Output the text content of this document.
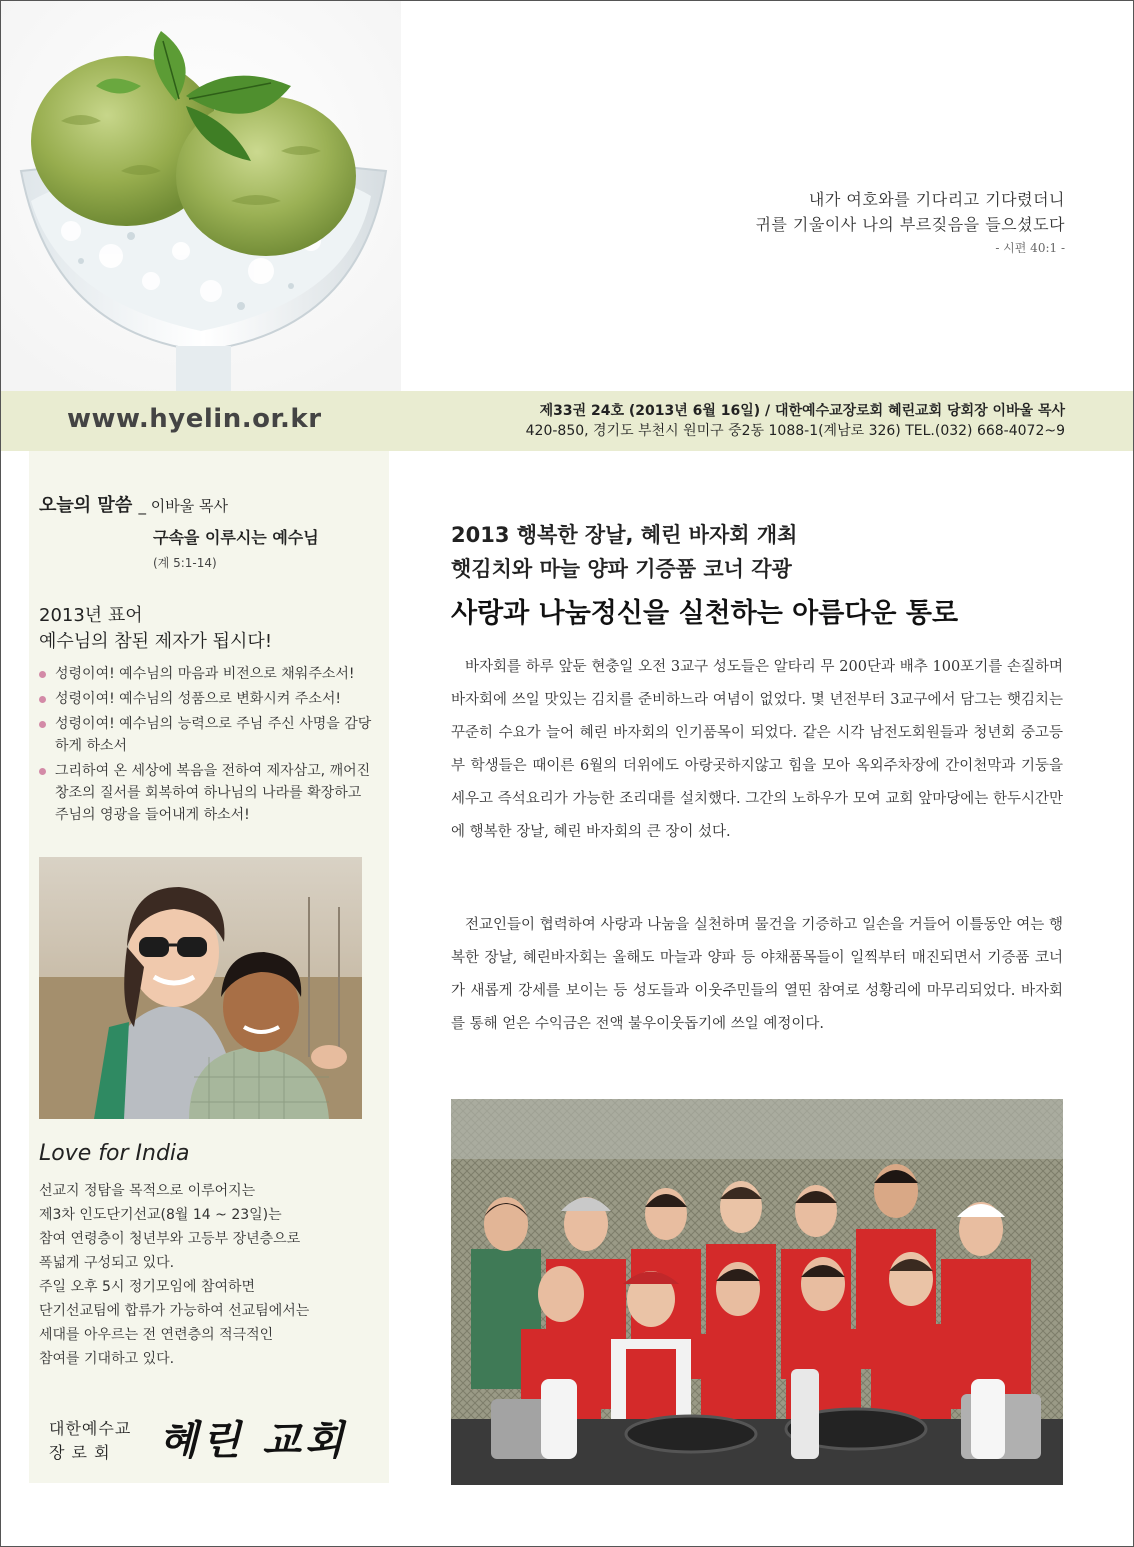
내가 여호와를 기다리고 기다렸더니
귀를 기울이사 나의 부르짖음을 들으셨도다
- 시편 40:1 -
www.hyelin.or.kr	제33권 24호 (2013년 6월 16일) / 대한예수교장로회 혜린교회 당회장 이바울 목사
420-850, 경기도 부천시 원미구 중2동 1088-1(계남로 326) TEL.(032) 668-4072~9
오늘의 말씀 _ 이바울 목사
구속을 이루시는 예수님
(계 5:1-14)
2013년 표어
예수님의 참된 제자가 됩시다!
성령이여! 예수님의 마음과 비전으로 채워주소서!
성령이여! 예수님의 성품으로 변화시켜 주소서!
성령이여! 예수님의 능력으로 주님 주신 사명을 감당하게 하소서
그리하여 온 세상에 복음을 전하여 제자삼고, 깨어진 창조의 질서를 회복하여 하나님의 나라를 확장하고 주님의 영광을 들어내게 하소서!
Love for India
선교지 정탐을 목적으로 이루어지는
제3차 인도단기선교(8월 14 ~ 23일)는
참여 연령층이 청년부와 고등부 장년층으로
폭넓게 구성되고 있다.
주일 오후 5시 정기모임에 참여하면
단기선교팀에 합류가 가능하여 선교팀에서는
세대를 아우르는 전 연련층의 적극적인
참여를 기대하고 있다.
대한예수교
장 로 회	혜린 교회
2013 행복한 장날, 혜린 바자회 개최
햇김치와 마늘 양파 기증품 코너 각광
사랑과 나눔정신을 실천하는 아름다운 통로

바자회를 하루 앞둔 현충일 오전 3교구 성도들은 알타리 무 200단과 배추 100포기를 손질하며 바자회에 쓰일 맛있는 김치를 준비하느라 여념이 없었다. 몇 년전부터 3교구에서 담그는 햇김치는 꾸준히 수요가 늘어 혜린 바자회의 인기품목이 되었다. 같은 시각 남전도회원들과 청년회 중고등부 학생들은 때이른 6월의 더위에도 아랑곳하지않고 힘을 모아 옥외주차장에 간이천막과 기둥을 세우고 즉석요리가 가능한 조리대를 설치했다. 그간의 노하우가 모여 교회 앞마당에는 한두시간만에 행복한 장날, 혜린 바자회의 큰 장이 섰다.

전교인들이 협력하여 사랑과 나눔을 실천하며 물건을 기증하고 일손을 거들어 이틀동안 여는 행복한 장날, 혜린바자회는 올해도 마늘과 양파 등 야채품목들이 일찍부터 매진되면서 기증품 코너가 새롭게 강세를 보이는 등 성도들과 이웃주민들의 열띤 참여로 성황리에 마무리되었다. 바자회를 통해 얻은 수익금은 전액 불우이웃돕기에 쓰일 예정이다.
